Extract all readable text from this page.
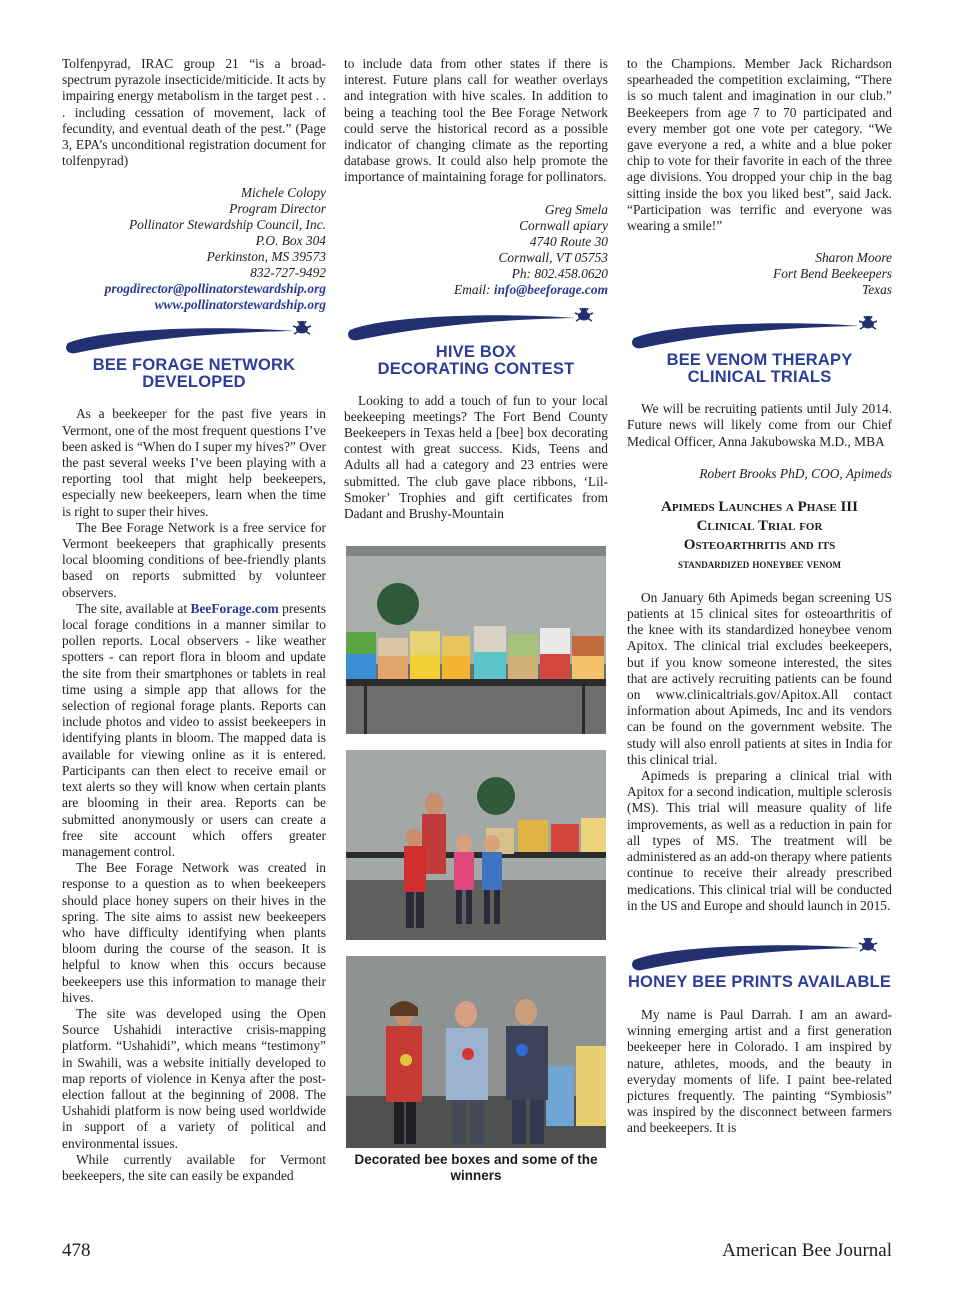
Tolfenpyrad, IRAC group 21 “is a broad-spectrum pyrazole insecticide/miticide. It acts by impairing energy metabolism in the target pest . . . including cessation of movement, lack of fecundity, and eventual death of the pest.” (Page 3, EPA’s unconditional registration document for tolfenpyrad)

Michele Colopy
Program Director
Pollinator Stewardship Council, Inc.
P.O. Box 304
Perkinston, MS 39573
832-727-9492
progdirector@pollinatorstewardship.org
www.pollinatorstewardship.org
BEE FORAGE NETWORK
DEVELOPED

As a beekeeper for the past five years in Vermont, one of the most frequent questions I’ve been asked is “When do I super my hives?” Over the past several weeks I’ve been playing with a reporting tool that might help beekeepers, especially new beekeepers, learn when the time is right to super their hives.

The Bee Forage Network is a free service for Vermont beekeepers that graphically presents local blooming conditions of bee-friendly plants based on reports submitted by volunteer observers.

The site, available at BeeForage.com presents local forage conditions in a manner similar to pollen reports. Local observers - like weather spotters - can report flora in bloom and update the site from their smartphones or tablets in real time using a simple app that allows for the selection of regional forage plants. Reports can include photos and video to assist beekeepers in identifying plants in bloom. The mapped data is available for viewing online as it is entered. Participants can then elect to receive email or text alerts so they will know when certain plants are blooming in their area. Reports can be submitted anonymously or users can create a free site account which offers greater management control.

The Bee Forage Network was created in response to a question as to when beekeepers should place honey supers on their hives in the spring. The site aims to assist new beekeepers who have difficulty identifying when plants bloom during the course of the season. It is helpful to know when this occurs because beekeepers use this information to manage their hives.

The site was developed using the Open Source Ushahidi interactive crisis-mapping platform. “Ushahidi”, which means “testimony” in Swahili, was a website initially developed to map reports of violence in Kenya after the post-election fallout at the beginning of 2008. The Ushahidi platform is now being used worldwide in support of a variety of political and environmental issues.

While currently available for Vermont beekeepers, the site can easily be expanded

to include data from other states if there is interest. Future plans call for weather overlays and integration with hive scales. In addition to being a teaching tool the Bee Forage Network could serve the historical record as a possible indicator of changing climate as the reporting database grows. It could also help promote the importance of maintaining forage for pollinators.

Greg Smela
Cornwall apiary
4740 Route 30
Cornwall, VT 05753
Ph: 802.458.0620
Email: info@beeforage.com
HIVE BOX
DECORATING CONTEST

Looking to add a touch of fun to your local beekeeping meetings? The Fort Bend County Beekeepers in Texas held a [bee] box decorating contest with great success. Kids, Teens and Adults all had a category and 23 entries were submitted. The club gave place ribbons, ‘Lil-Smoker’ Trophies and gift certificates from Dadant and Brushy-Mountain

Decorated bee boxes and some of the winners

to the Champions. Member Jack Richardson spearheaded the competition exclaiming, “There is so much talent and imagination in our club.” Beekeepers from age 7 to 70 participated and every member got one vote per category. “We gave everyone a red, a white and a blue poker chip to vote for their favorite in each of the three age divisions. You dropped your chip in the bag sitting inside the box you liked best”, said Jack. “Participation was terrific and everyone was wearing a smile!”

Sharon Moore
Fort Bend Beekeepers
Texas
BEE VENOM THERAPY
CLINICAL TRIALS

We will be recruiting patients until July 2014. Future news will likely come from our Chief Medical Officer, Anna Jakubowska M.D., MBA

Robert Brooks PhD, COO, Apimeds
Apimeds Launches a Phase III
Clinical Trial for
Osteoarthritis and its
standardized honeybee venom

On January 6th Apimeds began screening US patients at 15 clinical sites for osteoarthritis of the knee with its standardized honeybee venom Apitox. The clinical trial excludes beekeepers, but if you know someone interested, the sites that are actively recruiting patients can be found on www.clinicaltrials.gov/Apitox.All contact information about Apimeds, Inc and its vendors can be found on the government website. The study will also enroll patients at sites in India for this clinical trial.

Apimeds is preparing a clinical trial with Apitox for a second indication, multiple sclerosis (MS). This trial will measure quality of life improvements, as well as a reduction in pain for all types of MS. The treatment will be administered as an add-on therapy where patients continue to receive their already prescribed medications. This clinical trial will be conducted in the US and Europe and should launch in 2015.

HONEY BEE PRINTS AVAILABLE

My name is Paul Darrah. I am an award-winning emerging artist and a first generation beekeeper here in Colorado. I am inspired by nature, athletes, moods, and the beauty in everyday moments of life. I paint bee-related pictures frequently. The painting “Symbiosis” was inspired by the disconnect between farmers and beekeepers. It is

478	American Bee Journal
